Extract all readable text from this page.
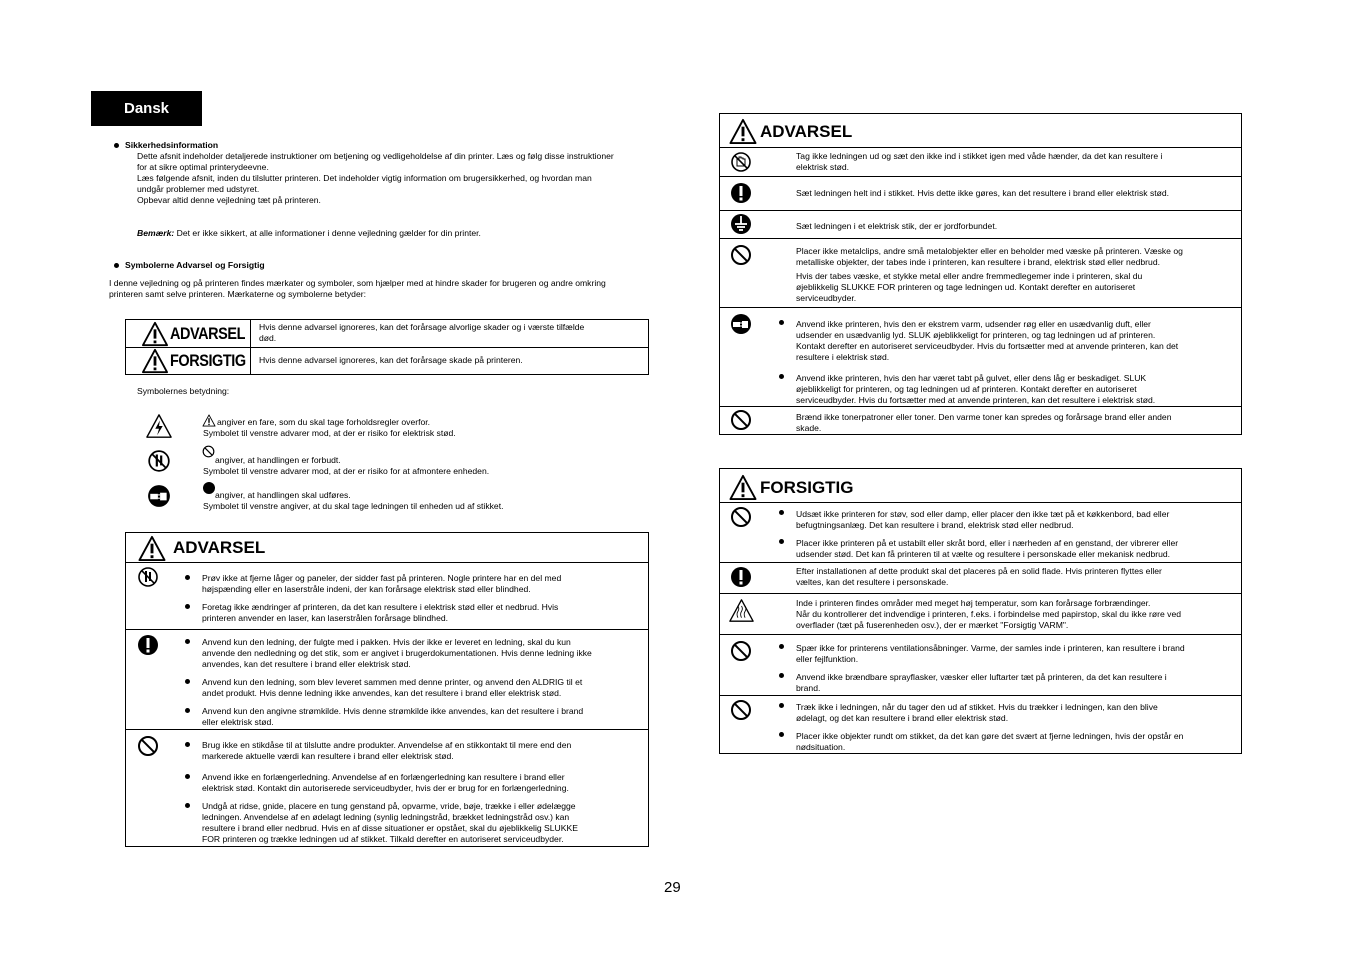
Dansk
Sikkerhedsinformation

Dette afsnit indeholder detaljerede instruktioner om betjening og vedligeholdelse af din printer. Læs og følg disse instruktioner

for at sikre optimal printerydeevne.

Læs følgende afsnit, inden du tilslutter printeren. Det indeholder vigtig information om brugersikkerhed, og hvordan man

undgår problemer med udstyret.

Opbevar altid denne vejledning tæt på printeren.

Bemærk: Det er ikke sikkert, at alle informationer i denne vejledning gælder for din printer.
Symbolerne Advarsel og Forsigtig

I denne vejledning og på printeren findes mærkater og symboler, som hjælper med at hindre skader for brugeren og andre omkring

printeren samt selve printeren. Mærkaterne og symbolerne betyder:

ADVARSEL Hvis denne advarsel ignoreres, kan det forårsage alvorlige skader og i værste tilfælde

død.

FORSIGTIG Hvis denne advarsel ignoreres, kan det forårsage skade på printeren.
Symbolernes betydning:
angiver en fare, som du skal tage forholdsregler overfor.
Symbolet til venstre advarer mod, at der er risiko for elektrisk stød.
angiver, at handlingen er forbudt.
Symbolet til venstre advarer mod, at der er risiko for at afmontere enheden.
angiver, at handlingen skal udføres.
Symbolet til venstre angiver, at du skal tage ledningen til enheden ud af stikket.
ADVARSEL

Prøv ikke at fjerne låger og paneler, der sidder fast på printeren. Nogle printere har en del med

højspænding eller en laserstråle indeni, der kan forårsage elektrisk stød eller blindhed.

Foretag ikke ændringer af printeren, da det kan resultere i elektrisk stød eller et nedbrud. Hvis

printeren anvender en laser, kan laserstrålen forårsage blindhed.

Anvend kun den ledning, der fulgte med i pakken. Hvis der ikke er leveret en ledning, skal du kun

anvende den nedledning og det stik, som er angivet i brugerdokumentationen. Hvis denne ledning ikke

anvendes, kan det resultere i brand eller elektrisk stød.

Anvend kun den ledning, som blev leveret sammen med denne printer, og anvend den ALDRIG til et

andet produkt. Hvis denne ledning ikke anvendes, kan det resultere i brand eller elektrisk stød.

Anvend kun den angivne strømkilde. Hvis denne strømkilde ikke anvendes, kan det resultere i brand

eller elektrisk stød.

Brug ikke en stikdåse til at tilslutte andre produkter. Anvendelse af en stikkontakt til mere end den

markerede aktuelle værdi kan resultere i brand eller elektrisk stød.

Anvend ikke en forlængerledning. Anvendelse af en forlængerledning kan resultere i brand eller

elektrisk stød. Kontakt din autoriserede serviceudbyder, hvis der er brug for en forlængerledning.

Undgå at ridse, gnide, placere en tung genstand på, opvarme, vride, bøje, trække i eller ødelægge

ledningen. Anvendelse af en ødelagt ledning (synlig ledningstråd, brækket ledningstråd osv.) kan

resultere i brand eller nedbrud. Hvis en af disse situationer er opstået, skal du øjeblikkelig SLUKKE

FOR printeren og trække ledningen ud af stikket. Tilkald derefter en autoriseret serviceudbyder.

ADVARSEL

Tag ikke ledningen ud og sæt den ikke ind i stikket igen med våde hænder, da det kan resultere i

elektrisk stød.

Sæt ledningen helt ind i stikket. Hvis dette ikke gøres, kan det resultere i brand eller elektrisk stød.
Sæt ledningen i et elektrisk stik, der er jordforbundet.

Placer ikke metalclips, andre små metalobjekter eller en beholder med væske på printeren. Væske og

metalliske objekter, der tabes inde i printeren, kan resultere i brand, elektrisk stød eller nedbrud.

Hvis der tabes væske, et stykke metal eller andre fremmedlegemer inde i printeren, skal du

øjeblikkelig SLUKKE FOR printeren og tage ledningen ud. Kontakt derefter en autoriseret

serviceudbyder.

Anvend ikke printeren, hvis den er ekstrem varm, udsender røg eller en usædvanlig duft, eller

udsender en usædvanlig lyd. SLUK øjeblikkeligt for printeren, og tag ledningen ud af printeren.

Kontakt derefter en autoriseret serviceudbyder. Hvis du fortsætter med at anvende printeren, kan det

resultere i elektrisk stød.

Anvend ikke printeren, hvis den har været tabt på gulvet, eller dens låg er beskadiget. SLUK

øjeblikkeligt for printeren, og tag ledningen ud af printeren. Kontakt derefter en autoriseret

serviceudbyder. Hvis du fortsætter med at anvende printeren, kan det resultere i elektrisk stød.

Brænd ikke tonerpatroner eller toner. Den varme toner kan spredes og forårsage brand eller anden

skade.

FORSIGTIG

Udsæt ikke printeren for støv, sod eller damp, eller placer den ikke tæt på et køkkenbord, bad eller

befugtningsanlæg. Det kan resultere i brand, elektrisk stød eller nedbrud.

Placer ikke printeren på et ustabilt eller skråt bord, eller i nærheden af en genstand, der vibrerer eller

udsender stød. Det kan få printeren til at vælte og resultere i personskade eller mekanisk nedbrud.

Efter installationen af dette produkt skal det placeres på en solid flade. Hvis printeren flyttes eller

væltes, kan det resultere i personskade.

Inde i printeren findes områder med meget høj temperatur, som kan forårsage forbrændinger.

Når du kontrollerer det indvendige i printeren, f.eks. i forbindelse med papirstop, skal du ikke røre ved

overflader (tæt på fuserenheden osv.), der er mærket "Forsigtig VARM".

Spær ikke for printerens ventilationsåbninger. Varme, der samles inde i printeren, kan resultere i brand

eller fejlfunktion.

Anvend ikke brændbare sprayflasker, væsker eller luftarter tæt på printeren, da det kan resultere i

brand.

Træk ikke i ledningen, når du tager den ud af stikket. Hvis du trækker i ledningen, kan den blive

ødelagt, og det kan resultere i brand eller elektrisk stød.

Placer ikke objekter rundt om stikket, da det kan gøre det svært at fjerne ledningen, hvis der opstår en

nødsituation.

29
